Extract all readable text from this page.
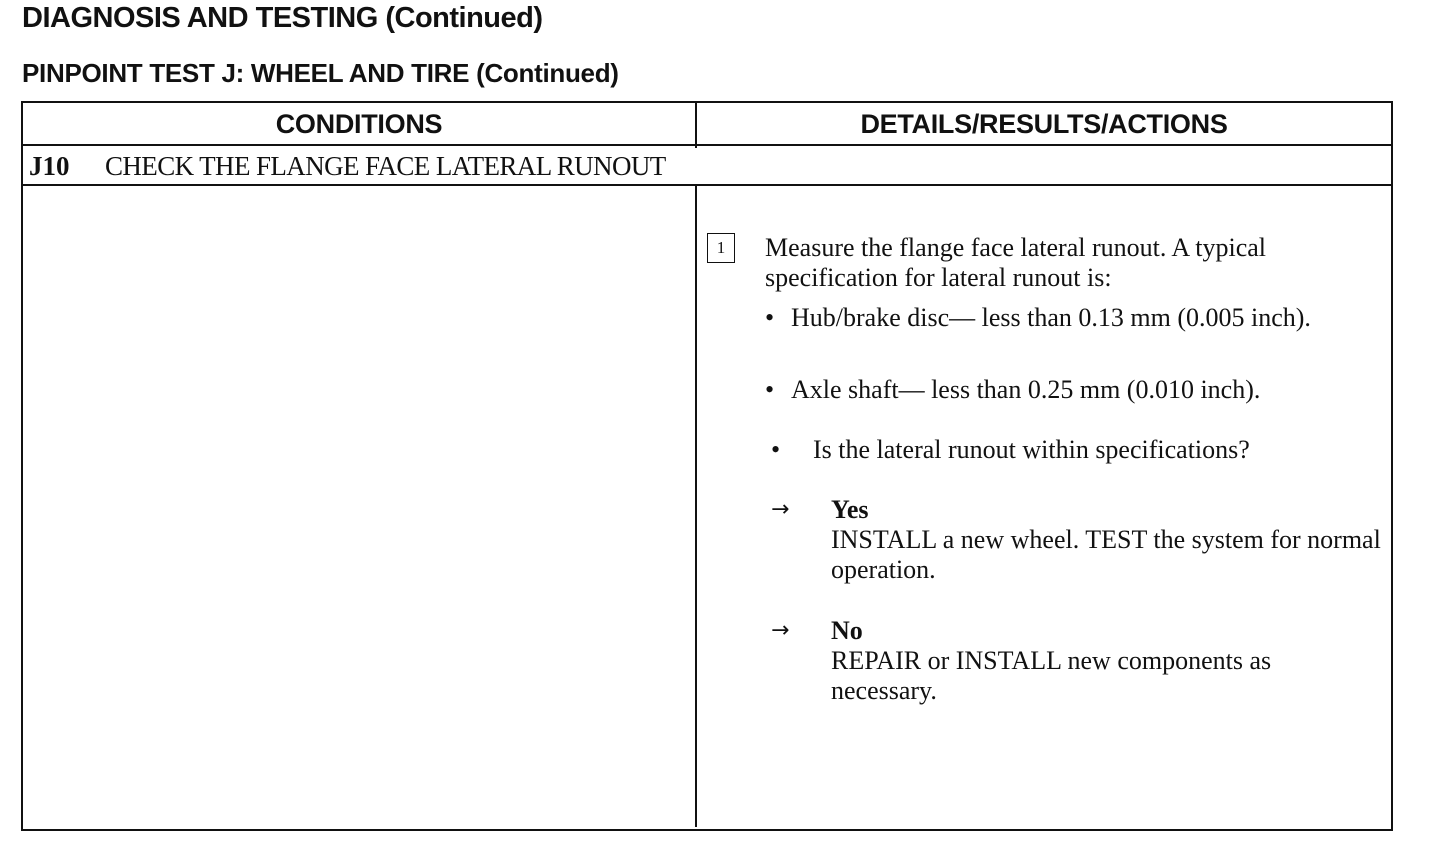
DIAGNOSIS AND TESTING (Continued)
PINPOINT TEST J: WHEEL AND TIRE (Continued)
CONDITIONS	DETAILS/RESULTS/ACTIONS
J10	CHECK THE FLANGE FACE LATERAL RUNOUT
1	Measure the flange face lateral runout. A typical specification for lateral runout is:
• Hub/brake disc— less than 0.13 mm (0.005 inch).
• Axle shaft— less than 0.25 mm (0.010 inch).
•	Is the lateral runout within specifications?
→	Yes
INSTALL a new wheel. TEST the system for normal operation.
→	No
REPAIR or INSTALL new components as necessary.
